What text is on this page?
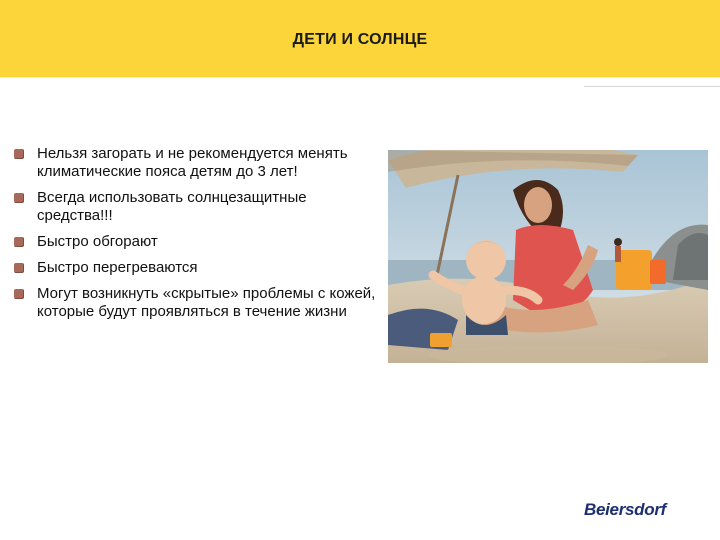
ДЕТИ И СОЛНЦЕ
Нельзя загорать и не рекомендуется менять климатические пояса детям до 3 лет!
Всегда использовать солнцезащитные средства!!!
Быстро обгорают
Быстро перегреваются
Могут возникнуть «скрытые» проблемы с кожей, которые будут проявляться в течение жизни
Beiersdorf
